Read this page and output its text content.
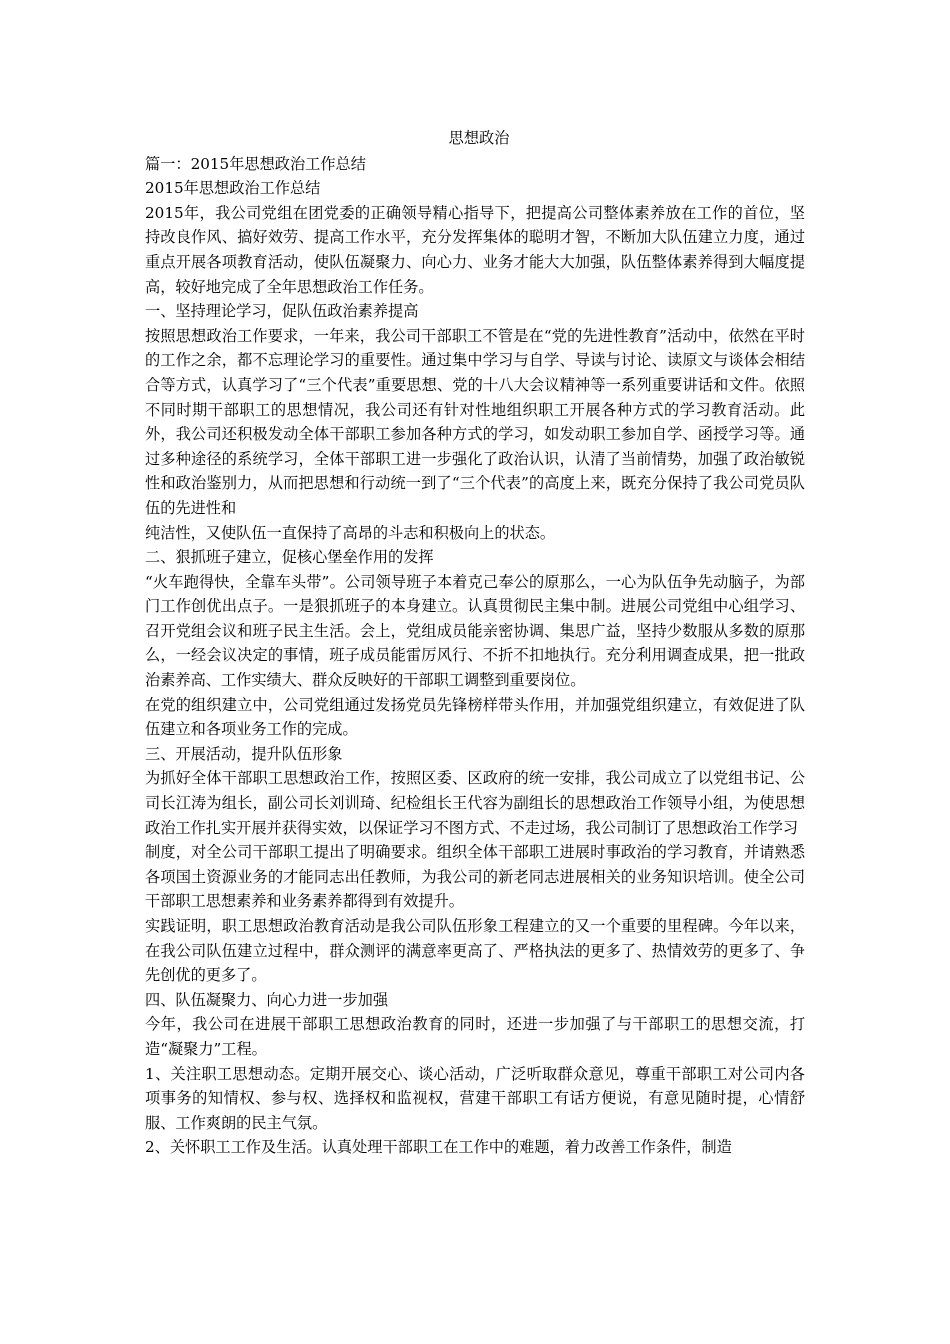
思想政治

篇一：2015年思想政治工作总结

2015年思想政治工作总结

2015年，我公司党组在团党委的正确领导精心指导下，把提高公司整体素养放在工作的首位，坚持改良作风、搞好效劳、提高工作水平，充分发挥集体的聪明才智，不断加大队伍建立力度，通过重点开展各项教育活动，使队伍凝聚力、向心力、业务才能大大加强，队伍整体素养得到大幅度提高，较好地完成了全年思想政治工作任务。

一、坚持理论学习，促队伍政治素养提高

按照思想政治工作要求，一年来，我公司干部职工不管是在“党的先进性教育”活动中，依然在平时的工作之余，都不忘理论学习的重要性。通过集中学习与自学、导读与讨论、读原文与谈体会相结合等方式，认真学习了“三个代表”重要思想、党的十八大会议精神等一系列重要讲话和文件。依照不同时期干部职工的思想情况，我公司还有针对性地组织职工开展各种方式的学习教育活动。此外，我公司还积极发动全体干部职工参加各种方式的学习，如发动职工参加自学、函授学习等。通过多种途径的系统学习，全体干部职工进一步强化了政治认识，认清了当前情势，加强了政治敏锐性和政治鉴别力，从而把思想和行动统一到了“三个代表”的高度上来，既充分保持了我公司党员队伍的先进性和

纯洁性，又使队伍一直保持了高昂的斗志和积极向上的状态。

二、狠抓班子建立，促核心堡垒作用的发挥

“火车跑得快，全靠车头带”。公司领导班子本着克己奉公的原那么，一心为队伍争先动脑子，为部门工作创优出点子。一是狠抓班子的本身建立。认真贯彻民主集中制。进展公司党组中心组学习、召开党组会议和班子民主生活。会上，党组成员能亲密协调、集思广益，坚持少数服从多数的原那么，一经会议决定的事情，班子成员能雷厉风行、不折不扣地执行。充分利用调查成果，把一批政治素养高、工作实绩大、群众反映好的干部职工调整到重要岗位。

在党的组织建立中，公司党组通过发扬党员先锋榜样带头作用，并加强党组织建立，有效促进了队伍建立和各项业务工作的完成。

三、开展活动，提升队伍形象

为抓好全体干部职工思想政治工作，按照区委、区政府的统一安排，我公司成立了以党组书记、公司长江涛为组长，副公司长刘训琦、纪检组长王代容为副组长的思想政治工作领导小组，为使思想政治工作扎实开展并获得实效，以保证学习不图方式、不走过场，我公司制订了思想政治工作学习

制度，对全公司干部职工提出了明确要求。组织全体干部职工进展时事政治的学习教育，并请熟悉各项国土资源业务的才能同志出任教师，为我公司的新老同志进展相关的业务知识培训。使全公司干部职工思想素养和业务素养都得到有效提升。

实践证明，职工思想政治教育活动是我公司队伍形象工程建立的又一个重要的里程碑。今年以来，在我公司队伍建立过程中，群众测评的满意率更高了、严格执法的更多了、热情效劳的更多了、争先创优的更多了。

四、队伍凝聚力、向心力进一步加强

今年，我公司在进展干部职工思想政治教育的同时，还进一步加强了与干部职工的思想交流，打造“凝聚力”工程。

1、关注职工思想动态。定期开展交心、谈心活动，广泛听取群众意见，尊重干部职工对公司内各项事务的知情权、参与权、选择权和监视权，营建干部职工有话方便说，有意见随时提，心情舒服、工作爽朗的民主气氛。

2、关怀职工工作及生活。认真处理干部职工在工作中的难题，着力改善工作条件，制造
